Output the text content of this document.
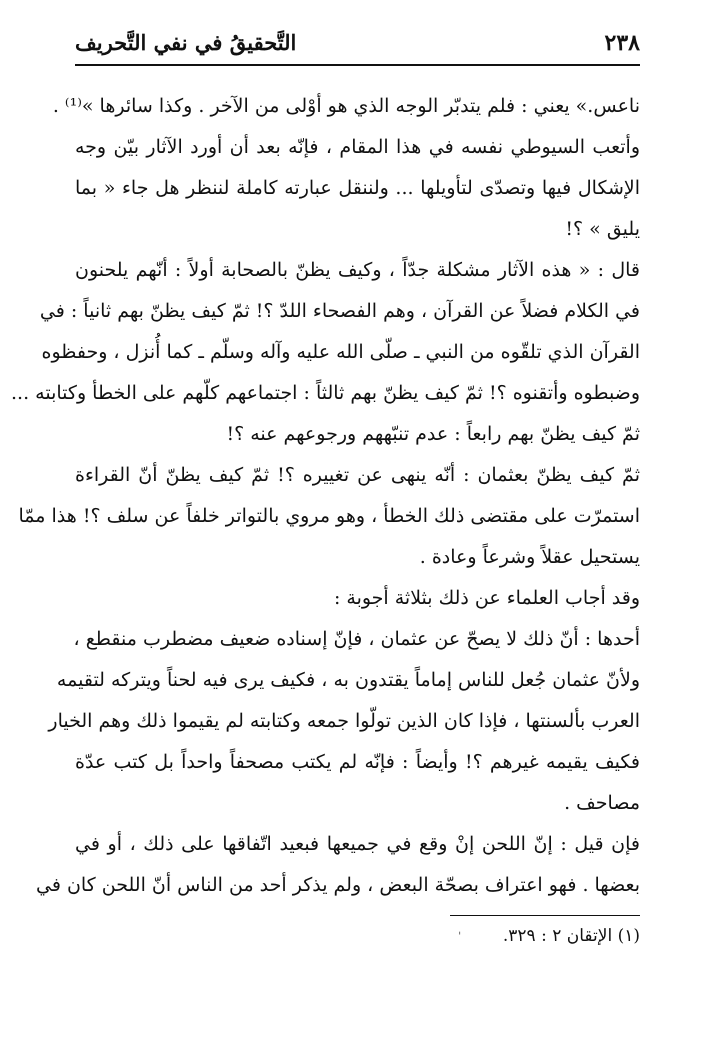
٢٣٨
التَّحقيقُ في نفي التَّحريف
ناعس.» يعني : فلم يتدبّر الوجه الذي هو أوْلى من الآخر . وكذا سائرها »⁽¹⁾ .
وأتعب السيوطي نفسه في هذا المقام ، فإنّه بعد أن أورد الآثار بيّن وجه
الإشكال فيها وتصدّى لتأويلها ... ولننقل عبارته كاملة لننظر هل جاء « بما
يليق » ؟!
قال : « هذه الآثار مشكلة جدّاً ، وكيف يظنّ بالصحابة أولاً : أنّهم يلحنون
في الكلام فضلاً عن القرآن ، وهم الفصحاء اللدّ ؟! ثمّ كيف يظنّ بهم ثانياً : في
القرآن الذي تلقّوه من النبي ـ صلّى الله عليه وآله وسلّم ـ كما أُنزل ، وحفظوه
وضبطوه وأتقنوه ؟! ثمّ كيف يظنّ بهم ثالثاً : اجتماعهم كلّهم على الخطأ وكتابته ...
ثمّ كيف يظنّ بهم رابعاً : عدم تنبّههم ورجوعهم عنه ؟!
ثمّ كيف يظنّ بعثمان : أنّه ينهى عن تغييره ؟! ثمّ كيف يظنّ أنّ القراءة
استمرّت على مقتضى ذلك الخطأ ، وهو مروي بالتواتر خلفاً عن سلف ؟! هذا ممّا
يستحيل عقلاً وشرعاً وعادة .
وقد أجاب العلماء عن ذلك بثلاثة أجوبة :
أحدها : أنّ ذلك لا يصحّ عن عثمان ، فإنّ إسناده ضعيف مضطرب منقطع ،
ولأنّ عثمان جُعل للناس إماماً يقتدون به ، فكيف يرى فيه لحناً ويتركه لتقيمه
العرب بألسنتها ، فإذا كان الذين تولّوا جمعه وكتابته لم يقيموا ذلك وهم الخيار
فكيف يقيمه غيرهم ؟! وأيضاً : فإنّه لم يكتب مصحفاً واحداً بل كتب عدّة
مصاحف .
فإن قيل : إنّ اللحن إنْ وقع في جميعها فبعيد اتّفاقها على ذلك ، أو في
بعضها . فهو اعتراف بصحّة البعض ، ولم يذكر أحد من الناس أنّ اللحن كان في
ˈ (١) الإتقان ٢ : ٣٢٩.
